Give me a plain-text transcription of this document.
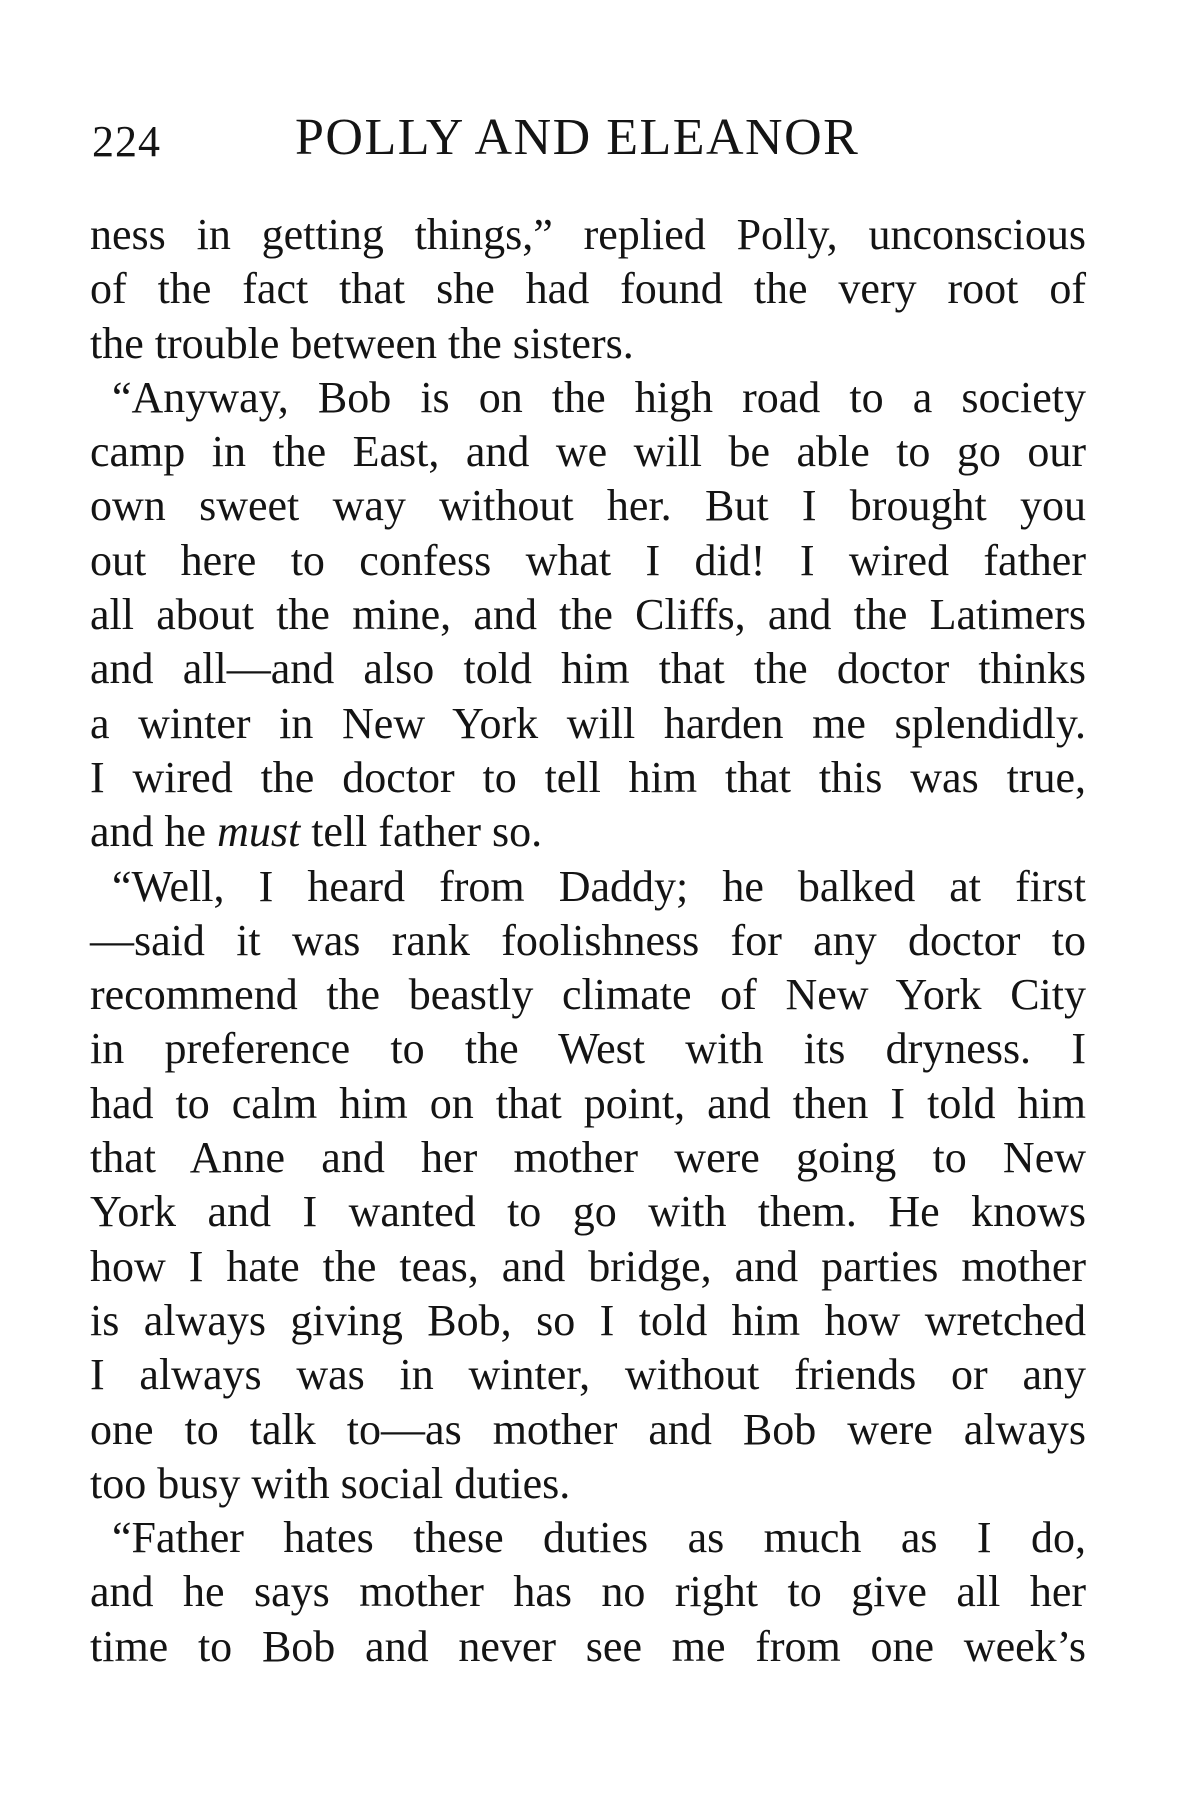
224	POLLY AND ELEANOR
ness in getting things,” replied Polly, unconscious
of the fact that she had found the very root of
the trouble between the sisters.
“Anyway, Bob is on the high road to a society
camp in the East, and we will be able to go our
own sweet way without her. But I brought you
out here to confess what I did! I wired father
all about the mine, and the Cliffs, and the Latimers
and all—and also told him that the doctor thinks
a winter in New York will harden me splendidly.
I wired the doctor to tell him that this was true,
and he must tell father so.
“Well, I heard from Daddy; he balked at first
—said it was rank foolishness for any doctor to
recommend the beastly climate of New York City
in preference to the West with its dryness. I
had to calm him on that point, and then I told him
that Anne and her mother were going to New
York and I wanted to go with them. He knows
how I hate the teas, and bridge, and parties mother
is always giving Bob, so I told him how wretched
I always was in winter, without friends or any
one to talk to—as mother and Bob were always
too busy with social duties.
“Father hates these duties as much as I do,
and he says mother has no right to give all her
time to Bob and never see me from one week’s
